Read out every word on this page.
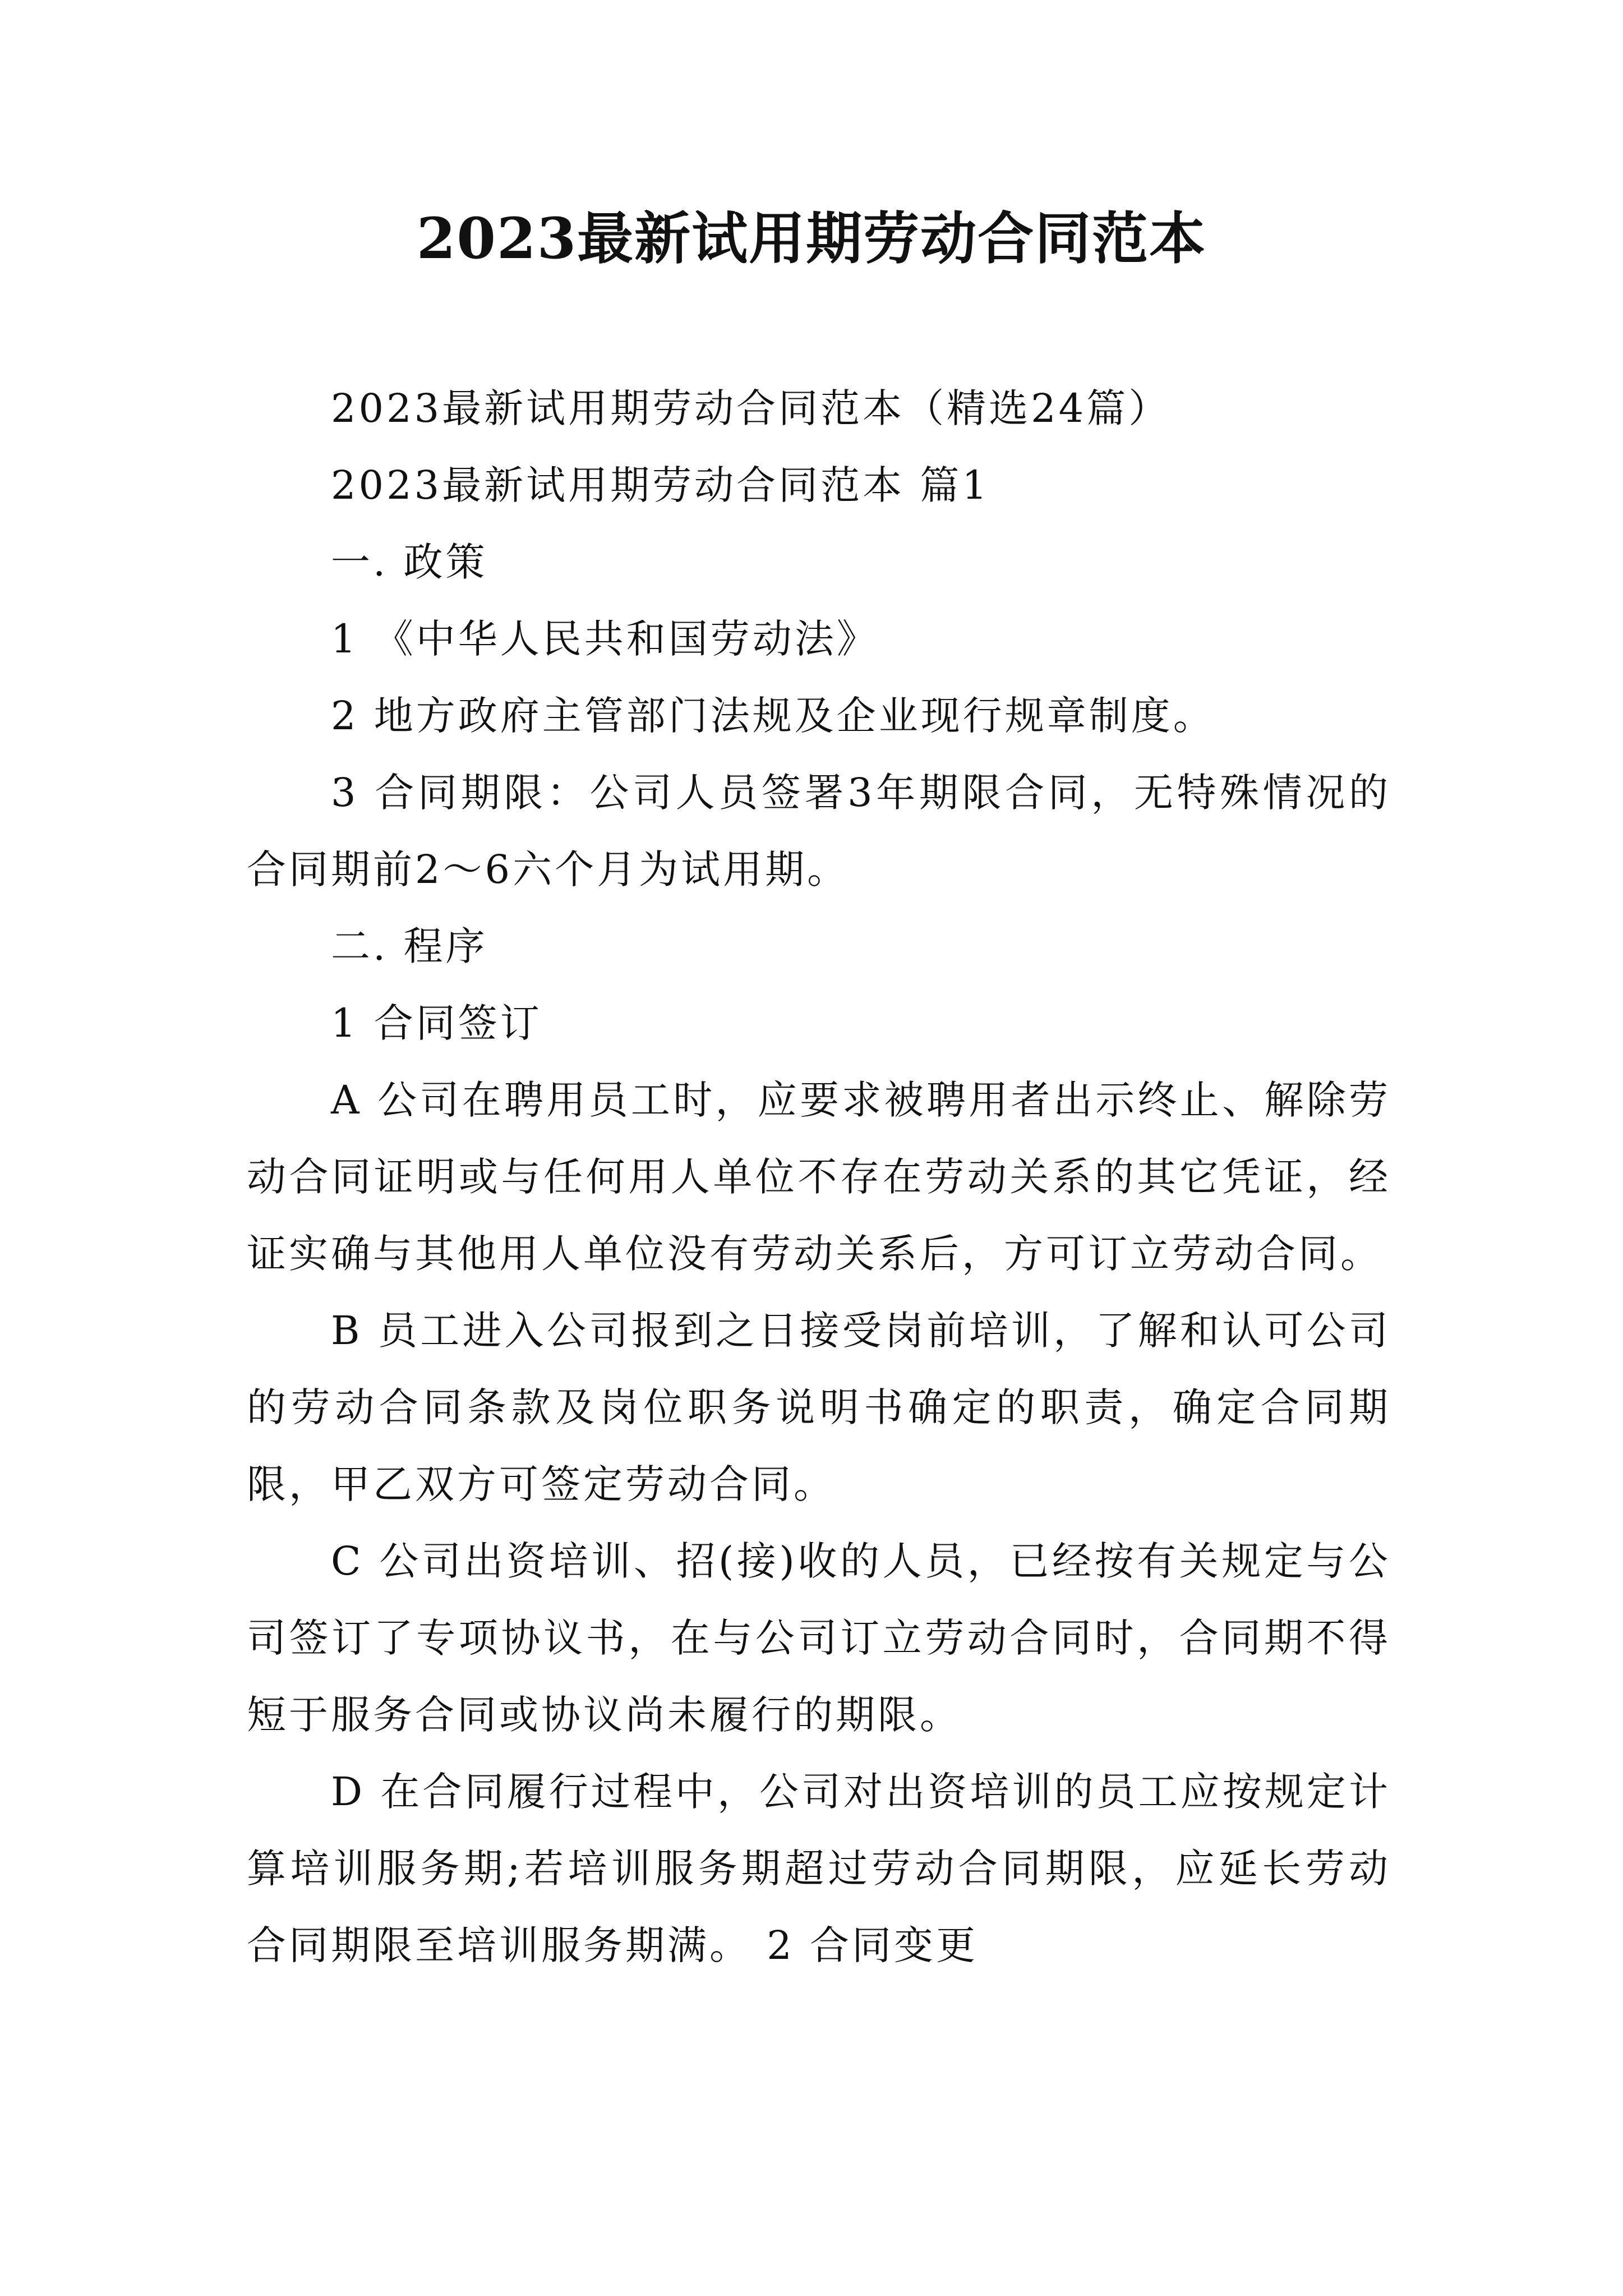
2023最新试用期劳动合同范本

2023最新试用期劳动合同范本（精选24篇）

2023最新试用期劳动合同范本 篇1

一. 政策

1 《中华人民共和国劳动法》

2 地方政府主管部门法规及企业现行规章制度。

3 合同期限：公司人员签署3年期限合同，无特殊情况的合同期前2～6六个月为试用期。

二. 程序

1 合同签订

A 公司在聘用员工时，应要求被聘用者出示终止、解除劳动合同证明或与任何用人单位不存在劳动关系的其它凭证，经证实确与其他用人单位没有劳动关系后，方可订立劳动合同。

B 员工进入公司报到之日接受岗前培训，了解和认可公司的劳动合同条款及岗位职务说明书确定的职责，确定合同期限，甲乙双方可签定劳动合同。

C 公司出资培训、招(接)收的人员，已经按有关规定与公司签订了专项协议书，在与公司订立劳动合同时，合同期不得短于服务合同或协议尚未履行的期限。

D 在合同履行过程中，公司对出资培训的员工应按规定计算培训服务期;若培训服务期超过劳动合同期限，应延长劳动合同期限至培训服务期满。 2 合同变更
